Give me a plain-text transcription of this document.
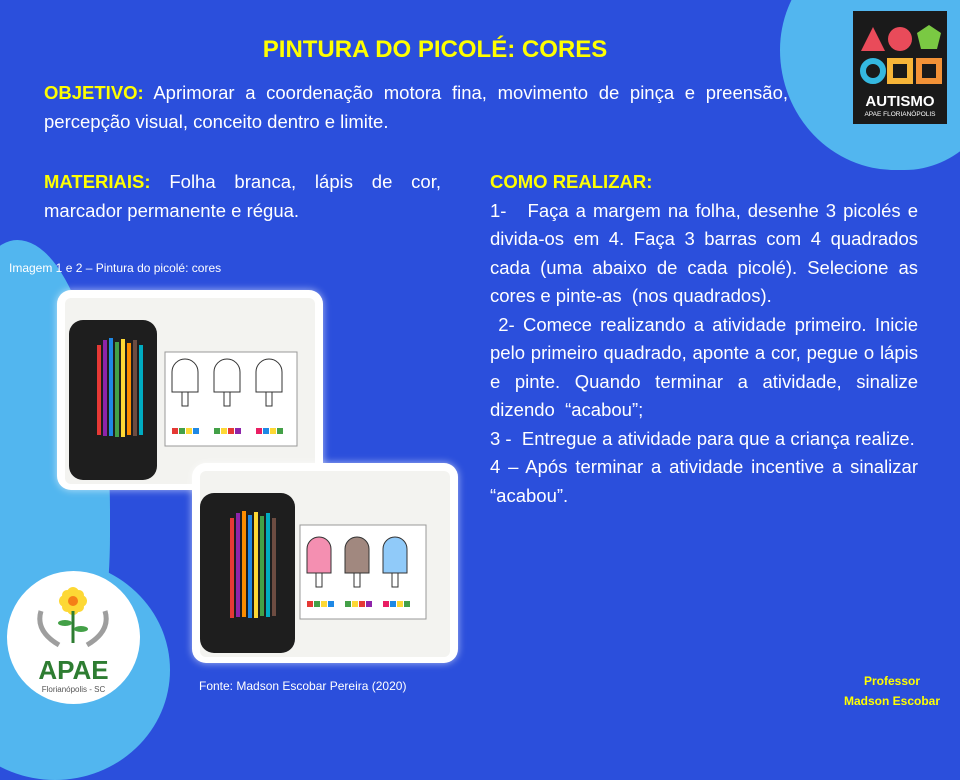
AUTISMO
APAE FLORIANÓPOLIS
PINTURA DO PICOLÉ: CORES
OBJETIVO: Aprimorar a coordenação motora fina, movimento de pinça e preensão, percepção visual, conceito dentro e limite.
MATERIAIS: Folha branca, lápis de cor, marcador permanente e régua.
COMO REALIZAR:
1-   Faça a margem na folha, desenhe 3 picolés e divida-os em 4. Faça 3 barras com 4 quadrados cada (uma abaixo de cada picolé). Selecione as cores e pinte-as  (nos quadrados).
2- Comece realizando a atividade primeiro. Inicie pelo primeiro quadrado, aponte a cor, pegue o lápis e pinte. Quando terminar a atividade, sinalize dizendo  “acabou”;
3 -  Entregue a atividade para que a criança realize.
4 – Após terminar a atividade incentive a sinalizar “acabou”.
Imagem 1 e 2 – Pintura do picolé: cores
Fonte: Madson Escobar Pereira (2020)
APAE
Florianópolis - SC
Professor
Madson Escobar
